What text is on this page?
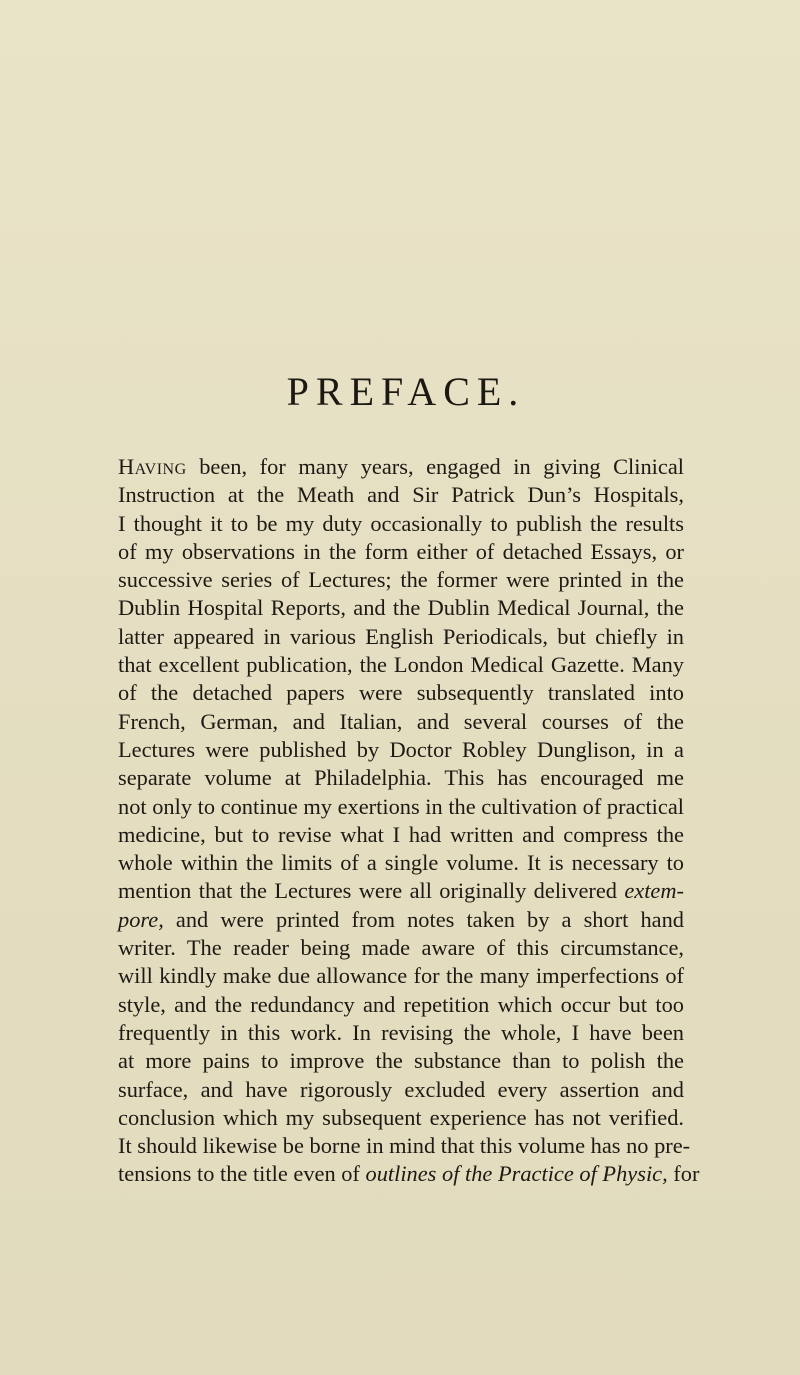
PREFACE.
Having been, for many years, engaged in giving Clinical
Instruction at the Meath and Sir Patrick Dun’s Hospitals,
I thought it to be my duty occasionally to publish the results
of my observations in the form either of detached Essays, or
successive series of Lectures; the former were printed in the
Dublin Hospital Reports, and the Dublin Medical Journal, the
latter appeared in various English Periodicals, but chiefly in
that excellent publication, the London Medical Gazette. Many
of the detached papers were subsequently translated into
French, German, and Italian, and several courses of the
Lectures were published by Doctor Robley Dunglison, in a
separate volume at Philadelphia. This has encouraged me
not only to continue my exertions in the cultivation of practical
medicine, but to revise what I had written and compress the
whole within the limits of a single volume. It is necessary to
mention that the Lectures were all originally delivered extem-
pore, and were printed from notes taken by a short hand
writer. The reader being made aware of this circumstance,
will kindly make due allowance for the many imperfections of
style, and the redundancy and repetition which occur but too
frequently in this work. In revising the whole, I have been
at more pains to improve the substance than to polish the
surface, and have rigorously excluded every assertion and
conclusion which my subsequent experience has not verified.
It should likewise be borne in mind that this volume has no pre-
tensions to the title even of outlines of the Practice of Physic, for
